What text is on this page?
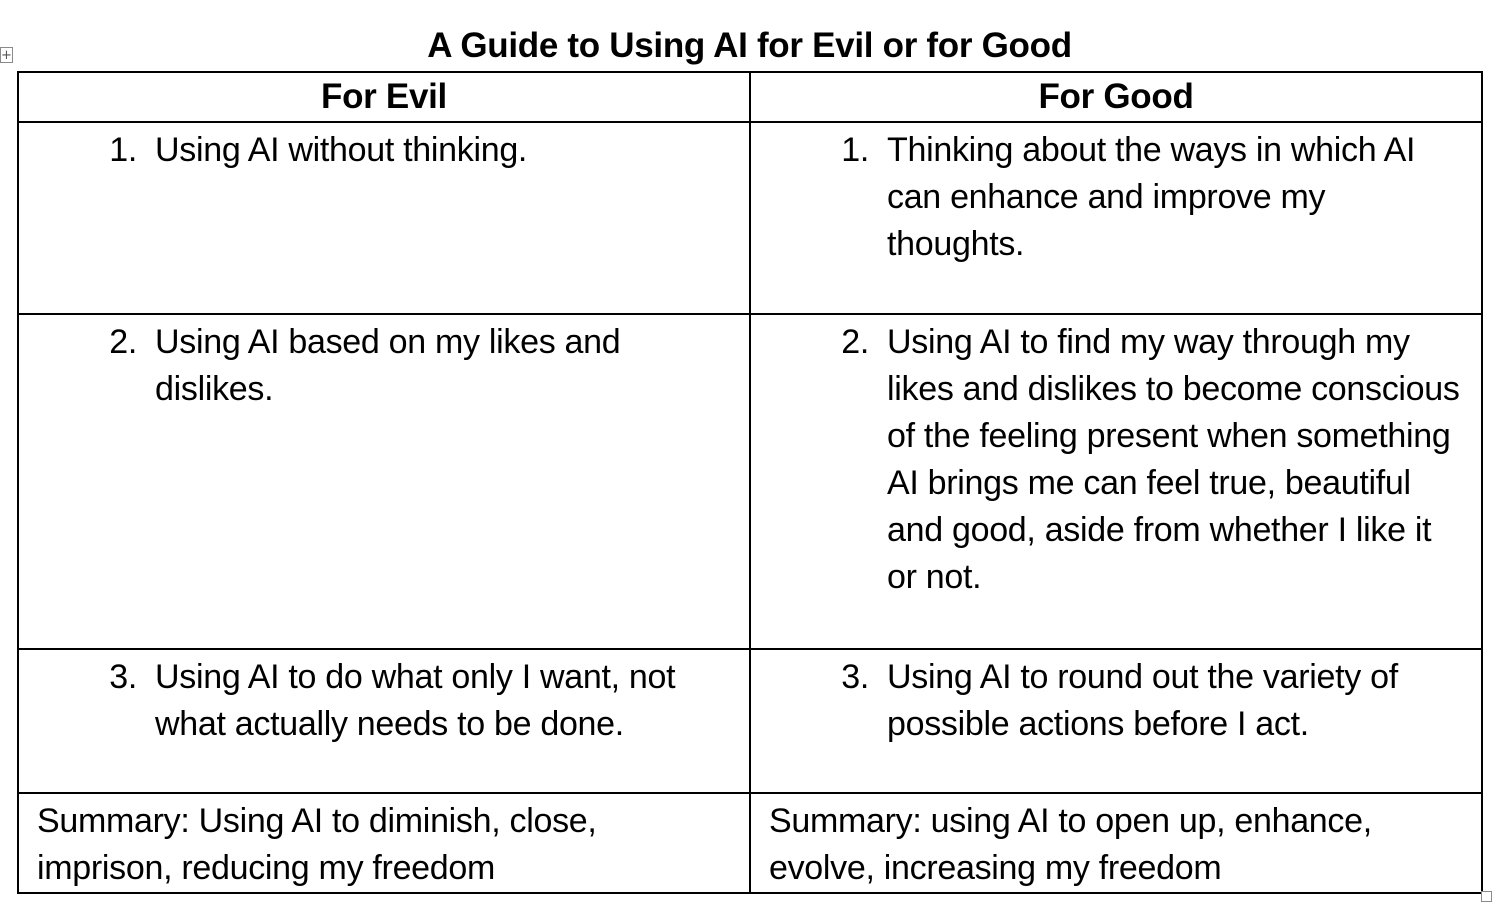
+	A Guide to Using AI for Evil or for Good
For Evil	For Good

1. Using AI without thinking.	1. Thinking about the ways in which AI can enhance and improve my thoughts.

2. Using AI based on my likes and dislikes.	2. Using AI to find my way through my likes and dislikes to become conscious of the feeling present when something AI brings me can feel true, beautiful and good, aside from whether I like it or not.

3. Using AI to do what only I want, not what actually needs to be done.	3. Using AI to round out the variety of possible actions before I act.

Summary: Using AI to diminish, close, imprison, reducing my freedom	Summary: using AI to open up, enhance, evolve, increasing my freedom
